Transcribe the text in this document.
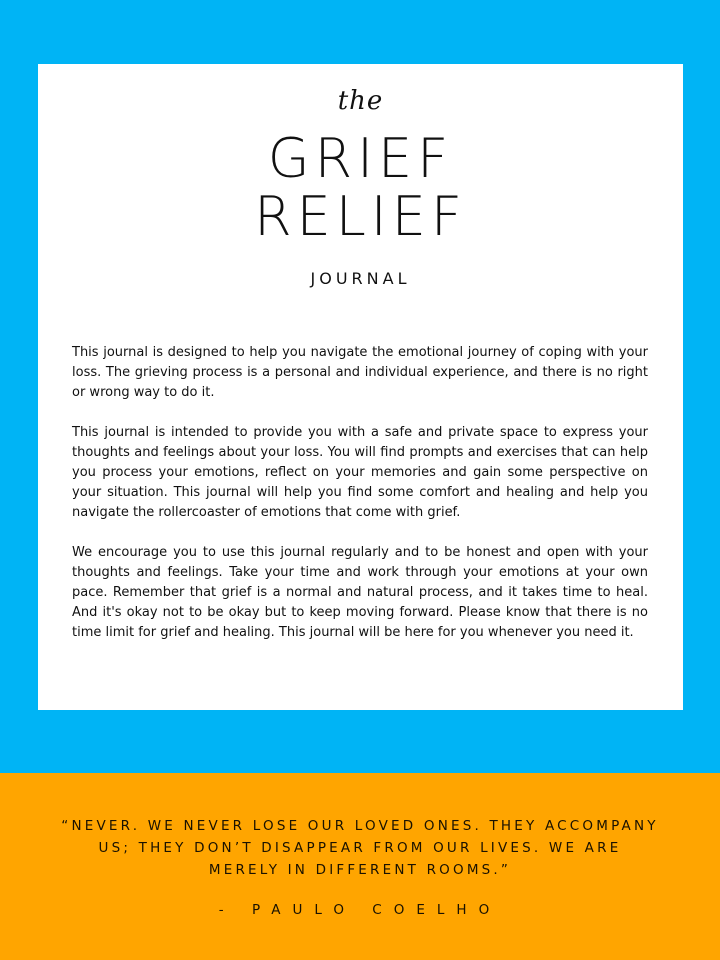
the
GRIEF
RELIEF
JOURNAL

This journal is designed to help you navigate the emotional journey of coping with your loss. The grieving process is a personal and individual experience, and there is no right or wrong way to do it.

This journal is intended to provide you with a safe and private space to express your thoughts and feelings about your loss. You will find prompts and exercises that can help you process your emotions, reflect on your memories and gain some perspective on your situation. This journal will help you find some comfort and healing and help you navigate the rollercoaster of emotions that come with grief.

We encourage you to use this journal regularly and to be honest and open with your thoughts and feelings. Take your time and work through your emotions at your own pace. Remember that grief is a normal and natural process, and it takes time to heal. And it's okay not to be okay but to keep moving forward. Please know that there is no time limit for grief and healing. This journal will be here for you whenever you need it.

“NEVER. WE NEVER LOSE OUR LOVED ONES. THEY ACCOMPANY US; THEY DON’T DISAPPEAR FROM OUR LIVES. WE ARE MERELY IN DIFFERENT ROOMS.”
- PAULO COELHO
